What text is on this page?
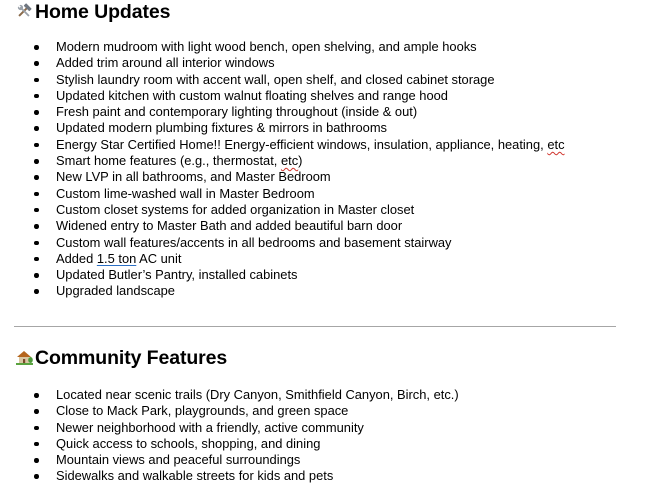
Home Updates
Modern mudroom with light wood bench, open shelving, and ample hooks
Added trim around all interior windows
Stylish laundry room with accent wall, open shelf, and closed cabinet storage
Updated kitchen with custom walnut floating shelves and range hood
Fresh paint and contemporary lighting throughout (inside & out)
Updated modern plumbing fixtures & mirrors in bathrooms
Energy Star Certified Home!! Energy-efficient windows, insulation, appliance, heating, etc
Smart home features (e.g., thermostat, etc)
New LVP in all bathrooms, and Master Bedroom
Custom lime-washed wall in Master Bedroom
Custom closet systems for added organization in Master closet
Widened entry to Master Bath and added beautiful barn door
Custom wall features/accents in all bedrooms and basement stairway
Added 1.5 ton AC unit
Updated Butler’s Pantry, installed cabinets
Upgraded landscape
Community Features
Located near scenic trails (Dry Canyon, Smithfield Canyon, Birch, etc.)
Close to Mack Park, playgrounds, and green space
Newer neighborhood with a friendly, active community
Quick access to schools, shopping, and dining
Mountain views and peaceful surroundings
Sidewalks and walkable streets for kids and pets
